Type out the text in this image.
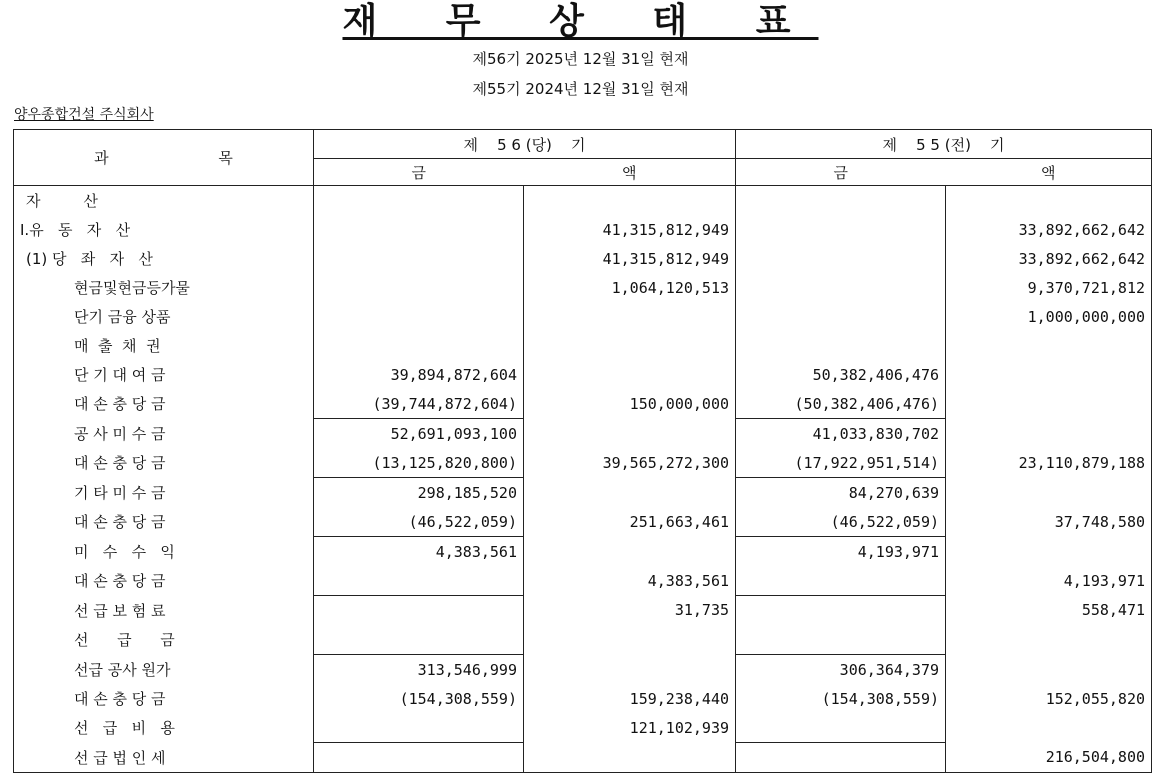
재 무 상 태 표
제56기 2025년 12월 31일 현재
제55기 2024년 12월 31일 현재
양우종합건설 주식회사
과                       목	제    5 6 (당)    기		제    5 5 (전)    기	
	금	액	금	액
자         산				
Ⅰ.유   동   자   산		41,315,812,949		33,892,662,642
(1) 당   좌   자   산		41,315,812,949		33,892,662,642
현금및현금등가물		1,064,120,513		9,370,721,812
단기 금융 상품				1,000,000,000
매  출  채  권				
단 기 대 여 금	39,894,872,604		50,382,406,476	
대 손 충 당 금	(39,744,872,604)	150,000,000	(50,382,406,476)	
공 사 미 수 금	52,691,093,100		41,033,830,702	
대 손 충 당 금	(13,125,820,800)	39,565,272,300	(17,922,951,514)	23,110,879,188
기 타 미 수 금	298,185,520		84,270,639	
대 손 충 당 금	(46,522,059)	251,663,461	(46,522,059)	37,748,580
미   수   수   익	4,383,561		4,193,971	
대 손 충 당 금		4,383,561		4,193,971
선 급 보 험 료		31,735		558,471
선      급      금				
선급 공사 원가	313,546,999		306,364,379	
대 손 충 당 금	(154,308,559)	159,238,440	(154,308,559)	152,055,820
선   급   비   용		121,102,939		
선 급 법 인 세				216,504,800
